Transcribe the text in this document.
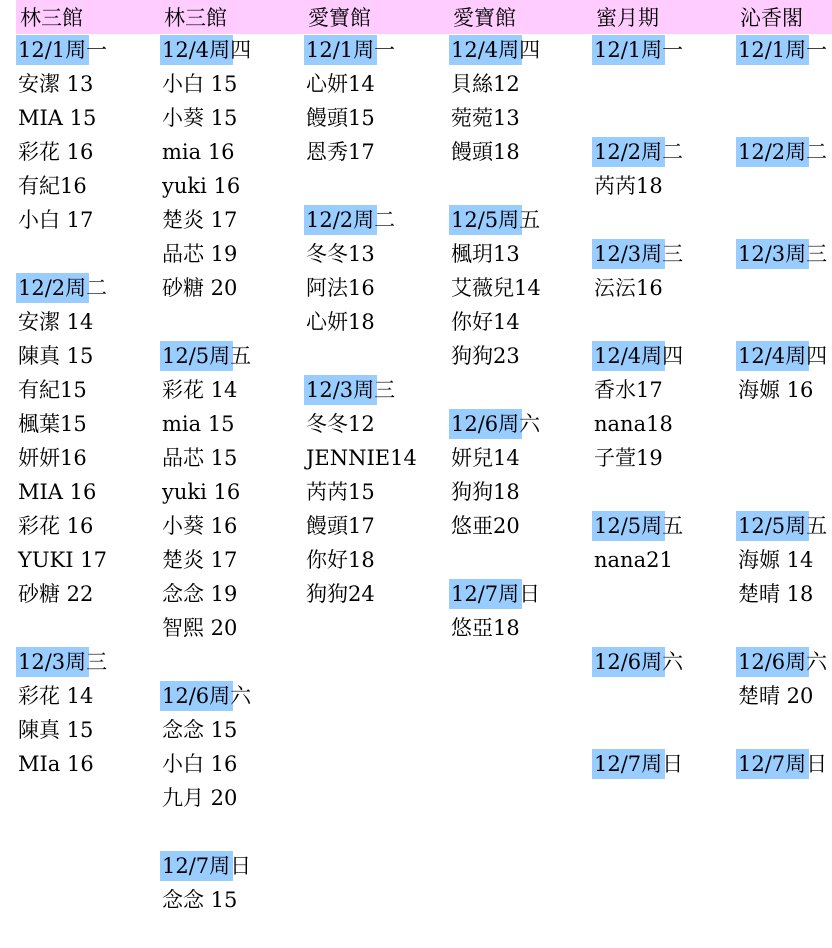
林三館
12/1周一
安潔 13
MIA 15
彩花 16
有紀16
小白 17
12/2周二
安潔 14
陳真 15
有紀15
楓葉15
妍妍16
MIA 16
彩花 16
YUKI 17
砂糖 22
12/3周三
彩花 14
陳真 15
MIa 16
林三館
12/4周四
小白 15
小葵 15
mia 16
yuki 16
楚炎 17
品芯 19
砂糖 20
12/5周五
彩花 14
mia 15
品芯 15
yuki 16
小葵 16
楚炎 17
念念 19
智熙 20
12/6周六
念念 15
小白 16
九月 20
12/7周日
念念 15
愛寶館
12/1周一
心妍14
饅頭15
恩秀17
12/2周二
冬冬13
阿法16
心妍18
12/3周三
冬冬12
JENNIE14
芮芮15
饅頭17
你好18
狗狗24
愛寶館
12/4周四
貝絲12
菀菀13
饅頭18
12/5周五
楓玥13
艾薇兒14
你好14
狗狗23
12/6周六
妍兒14
狗狗18
悠亜20
12/7周日
悠亞18
蜜月期
12/1周一
12/2周二
芮芮18
12/3周三
沄沄16
12/4周四
香水17
nana18
子萱19
12/5周五
nana21
12/6周六
12/7周日
沁香閣
12/1周一
12/2周二
12/3周三
12/4周四
海嫄 16
12/5周五
海嫄 14
楚晴 18
12/6周六
楚晴 20
12/7周日
